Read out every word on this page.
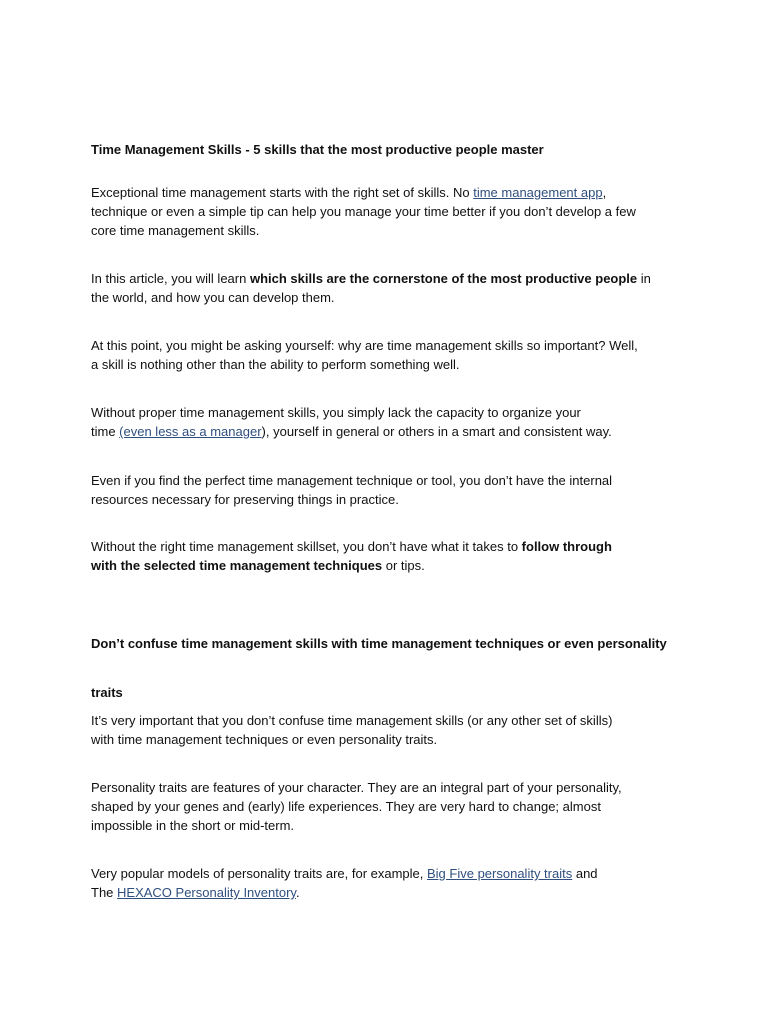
Time Management Skills - 5 skills that the most productive people master
Exceptional time management starts with the right set of skills. No time management app,
technique or even a simple tip can help you manage your time better if you don’t develop a few
core time management skills.
In this article, you will learn which skills are the cornerstone of the most productive people in
the world, and how you can develop them.
At this point, you might be asking yourself: why are time management skills so important? Well,
a skill is nothing other than the ability to perform something well.
Without proper time management skills, you simply lack the capacity to organize your
time (even less as a manager), yourself in general or others in a smart and consistent way.
Even if you find the perfect time management technique or tool, you don’t have the internal
resources necessary for preserving things in practice.
Without the right time management skillset, you don’t have what it takes to follow through
with the selected time management techniques or tips.
Don’t confuse time management skills with time management techniques or even personality
traits
It’s very important that you don’t confuse time management skills (or any other set of skills)
with time management techniques or even personality traits.
Personality traits are features of your character. They are an integral part of your personality,
shaped by your genes and (early) life experiences. They are very hard to change; almost
impossible in the short or mid-term.
Very popular models of personality traits are, for example, Big Five personality traits and
The HEXACO Personality Inventory.
